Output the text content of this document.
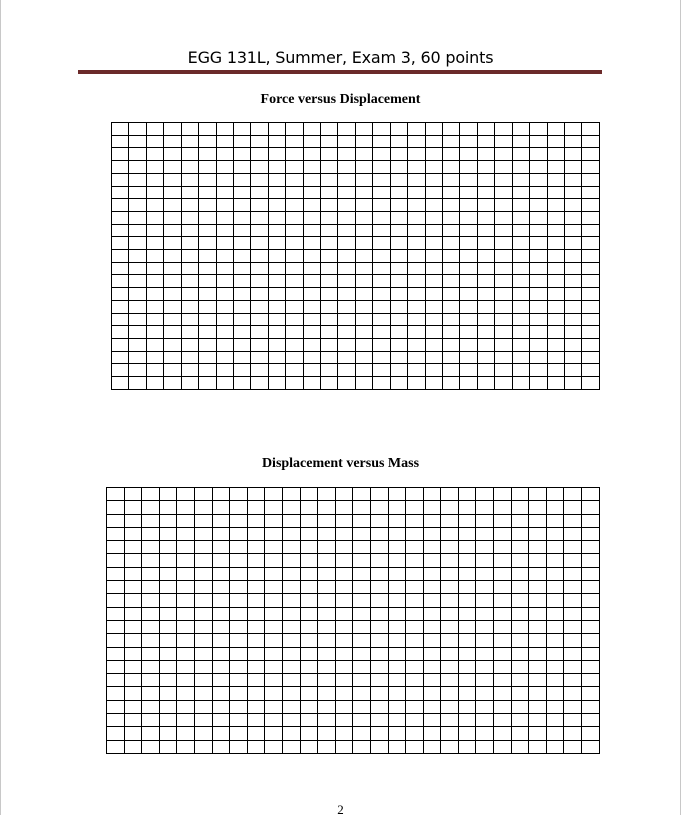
EGG 131L, Summer, Exam 3, 60 points
Force versus Displacement

Displacement versus Mass

2
